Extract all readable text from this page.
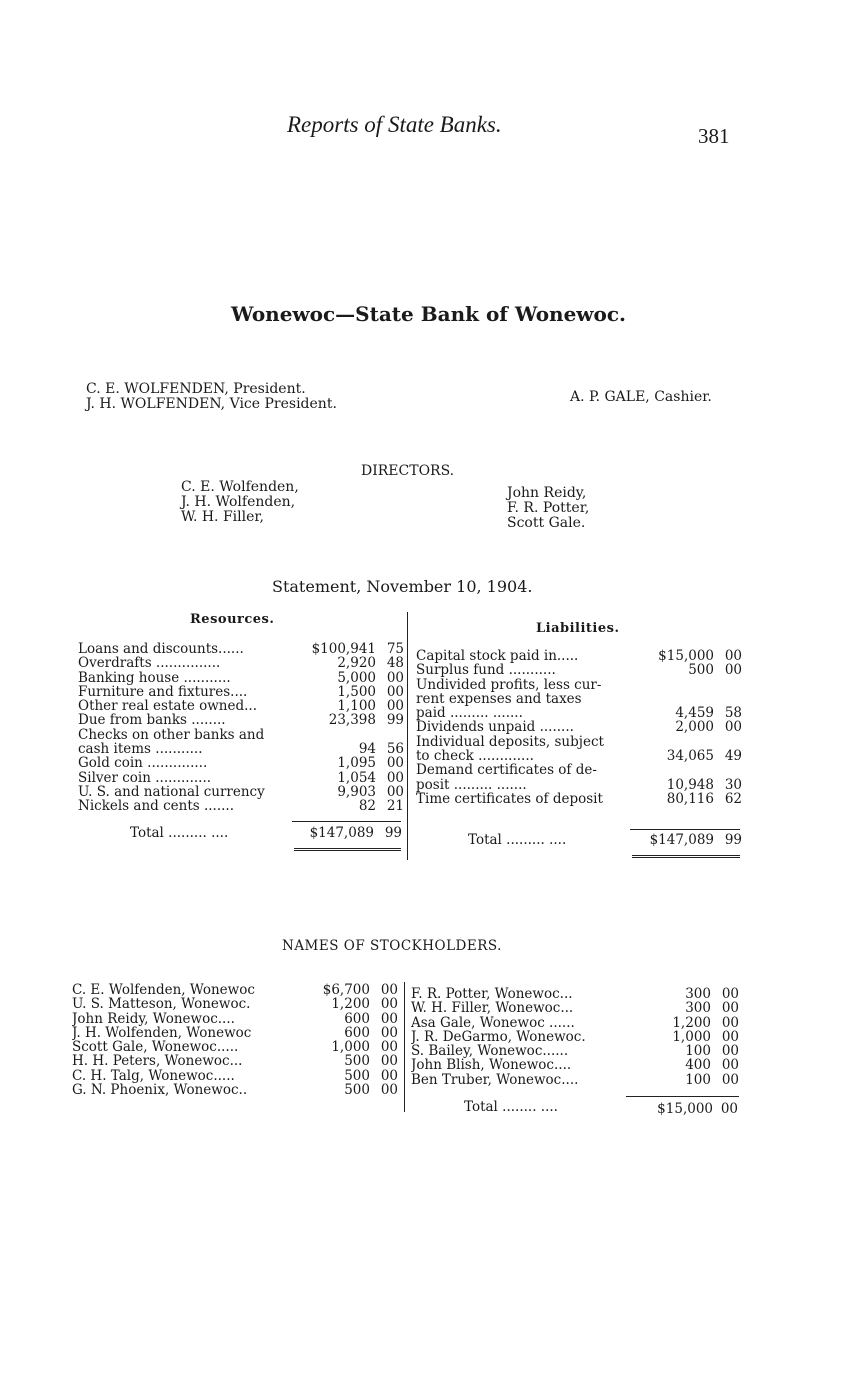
Reports of State Banks.	381
Wonewoc—State Bank of Wonewoc.
C. E. WOLFENDEN, President.
J. H. WOLFENDEN, Vice President.	A. P. GALE, Cashier.
DIRECTORS.
C. E. Wolfenden,
J. H. Wolfenden,
W. H. Filler,
John Reidy,
F. R. Potter,
Scott Gale.
Statement, November 10, 1904.
Resources.
Loans and discounts......	$100,941 75
Overdrafts ...............	2,920 48
Banking house ...........	5,000 00
Furniture and fixtures....	1,500 00
Other real estate owned...	1,100 00
Due from banks ........	23,398 99
Checks on other banks and
cash items ...........	94 56
Gold coin ..............	1,095 00
Silver coin .............	1,054 00
U. S. and national currency	9,903 00
Nickels and cents .......	82 21
Total ......... ....	$147,089 99
Liabilities.
Capital stock paid in.....	$15,000 00
Surplus fund ...........	500 00
Undivided profits, less cur-
rent expenses and taxes
paid ......... .......	4,459 58
Dividends unpaid ........	2,000 00
Individual deposits, subject
to check .............	34,065 49
Demand certificates of de-
posit ......... .......	10,948 30
Time certificates of deposit	80,116 62
Total ......... ....	$147,089 99
NAMES OF STOCKHOLDERS.
C. E. Wolfenden, Wonewoc	$6,700 00
U. S. Matteson, Wonewoc.	1,200 00
John Reidy, Wonewoc....	600 00
J. H. Wolfenden, Wonewoc	600 00
Scott Gale, Wonewoc.....	1,000 00
H. H. Peters, Wonewoc...	500 00
C. H. Talg, Wonewoc.....	500 00
G. N. Phoenix, Wonewoc..	500 00
F. R. Potter, Wonewoc...	300 00
W. H. Filler, Wonewoc...	300 00
Asa Gale, Wonewoc ......	1,200 00
J. R. DeGarmo, Wonewoc.	1,000 00
S. Bailey, Wonewoc......	100 00
John Blish, Wonewoc....	400 00
Ben Truber, Wonewoc....	100 00
Total ........ ....	$15,000 00
